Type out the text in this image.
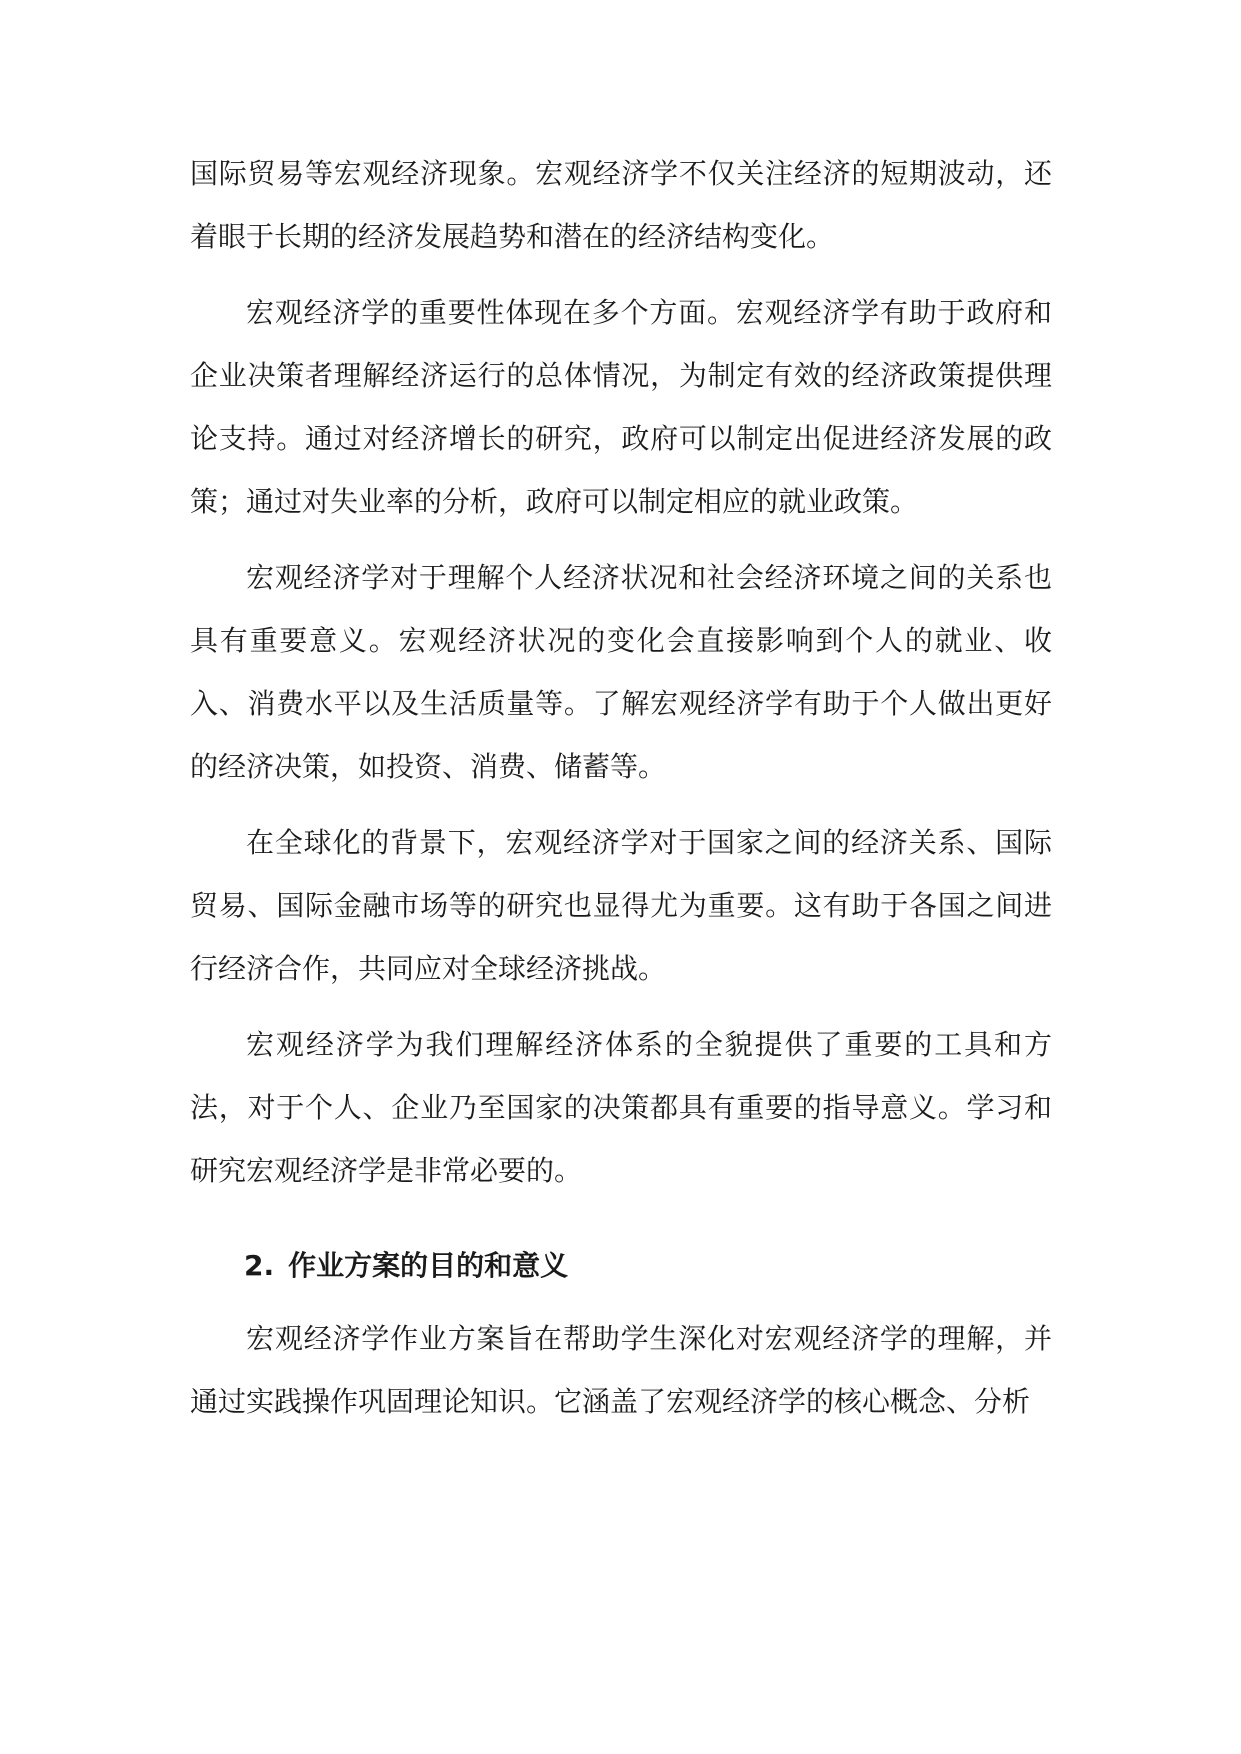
国际贸易等宏观经济现象。宏观经济学不仅关注经济的短期波动，还着眼于长期的经济发展趋势和潜在的经济结构变化。

宏观经济学的重要性体现在多个方面。宏观经济学有助于政府和企业决策者理解经济运行的总体情况，为制定有效的经济政策提供理论支持。通过对经济增长的研究，政府可以制定出促进经济发展的政策；通过对失业率的分析，政府可以制定相应的就业政策。

宏观经济学对于理解个人经济状况和社会经济环境之间的关系也具有重要意义。宏观经济状况的变化会直接影响到个人的就业、收入、消费水平以及生活质量等。了解宏观经济学有助于个人做出更好的经济决策，如投资、消费、储蓄等。

在全球化的背景下，宏观经济学对于国家之间的经济关系、国际贸易、国际金融市场等的研究也显得尤为重要。这有助于各国之间进行经济合作，共同应对全球经济挑战。

宏观经济学为我们理解经济体系的全貌提供了重要的工具和方法，对于个人、企业乃至国家的决策都具有重要的指导意义。学习和研究宏观经济学是非常必要的。

2. 作业方案的目的和意义

宏观经济学作业方案旨在帮助学生深化对宏观经济学的理解，并通过实践操作巩固理论知识。它涵盖了宏观经济学的核心概念、分析
